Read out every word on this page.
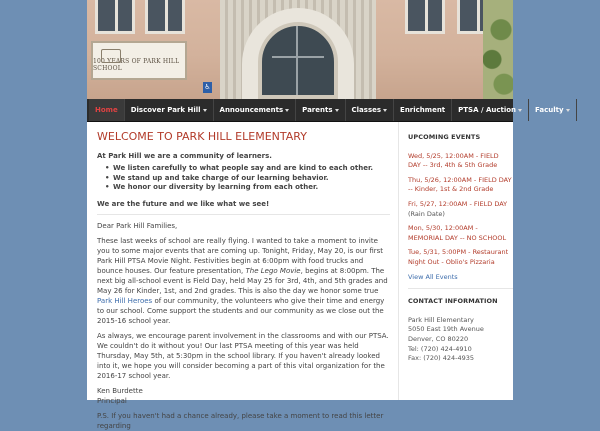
100 YEARS OF PARK HILL SCHOOL
♿
Home Discover Park Hill	Announcements	Parents	Classes	Enrichment PTSA / Auction	Faculty
WELCOME TO PARK HILL ELEMENTARY
At Park Hill we are a community of learners.
• We listen carefully to what people say and are kind to each other.
• We stand up and take charge of our learning behavior.
• We honor our diversity by learning from each other.
We are the future and we like what we see!
Dear Park Hill Families,
These last weeks of school are really flying. I wanted to take a moment to invite you to some major events that are coming up. Tonight, Friday, May 20, is our first Park Hill PTSA Movie Night. Festivities begin at 6:00pm with food trucks and bounce houses. Our feature presentation, The Lego Movie, begins at 8:00pm. The next big all-school event is Field Day, held May 25 for 3rd, 4th, and 5th grades and May 26 for Kinder, 1st, and 2nd grades. This is also the day we honor some true Park Hill Heroes of our community, the volunteers who give their time and energy to our school. Come support the students and our community as we close out the 2015-16 school year.
As always, we encourage parent involvement in the classrooms and with our PTSA. We couldn't do it without you! Our last PTSA meeting of this year was held Thursday, May 5th, at 5:30pm in the school library. If you haven't already looked into it, we hope you will consider becoming a part of this vital organization for the 2016-17 school year.
Ken Burdette
Principal
P.S. If you haven't had a chance already, please take a moment to read this letter regarding
UPCOMING EVENTS
Wed, 5/25, 12:00AM - FIELD DAY -- 3rd, 4th & 5th Grade
Thu, 5/26, 12:00AM - FIELD DAY -- Kinder, 1st & 2nd Grade
Fri, 5/27, 12:00AM - FIELD DAY
(Rain Date)
Mon, 5/30, 12:00AM - MEMORIAL DAY -- NO SCHOOL
Tue, 5/31, 5:00PM - Restaurant Night Out - Oblio's Pizzaria
View All Events
CONTACT INFORMATION
Park Hill Elementary
5050 East 19th Avenue
Denver, CO 80220
Tel: (720) 424-4910
Fax: (720) 424-4935
